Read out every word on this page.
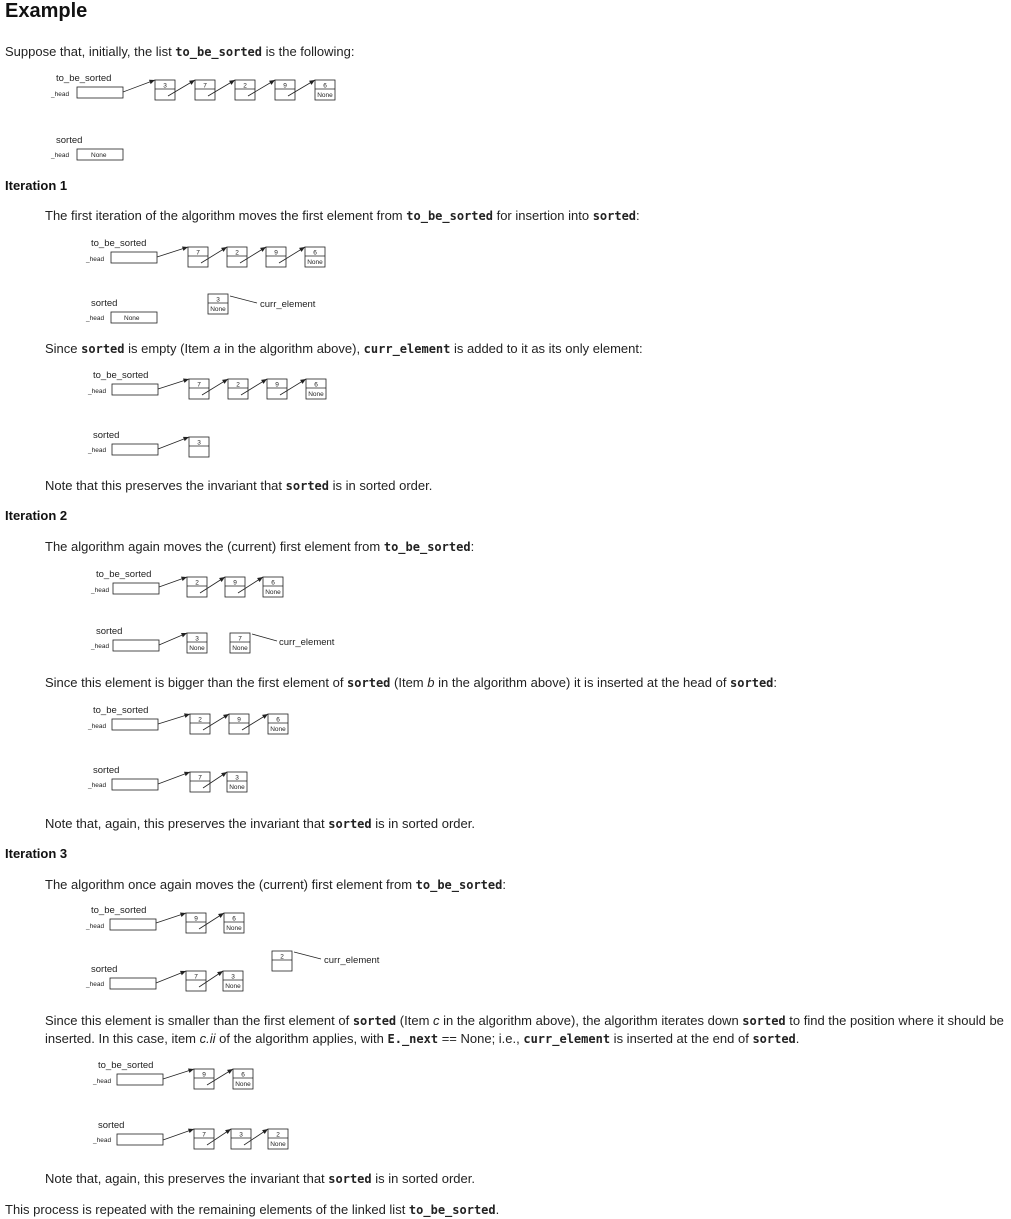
Example

Suppose that, initially, the list to_be_sorted is the following:

to_be_sorted
_head
sorted
_head	None
3	7	2	9	6
None

Iteration 1

The first iteration of the algorithm moves the first element from to_be_sorted for insertion into sorted:

to_be_sorted
_head
sorted
_head	None
7	2	9	6
None
3
None	curr_element

Since sorted is empty (Item a in the algorithm above), curr_element is added to it as its only element:

to_be_sorted
_head
sorted
_head
7	2	9	6
None
3

Note that this preserves the invariant that sorted is in sorted order.

Iteration 2

The algorithm again moves the (current) first element from to_be_sorted:

to_be_sorted
_head
sorted
_head
2	9	6
None
3
None
7
None
curr_element

Since this element is bigger than the first element of sorted (Item b in the algorithm above) it is inserted at the head of sorted:

to_be_sorted
_head
sorted
_head
2	9	6
None
7	3
None

Note that, again, this preserves the invariant that sorted is in sorted order.

Iteration 3

The algorithm once again moves the (current) first element from to_be_sorted:

to_be_sorted
_head
sorted
_head
9	6
None
7	3
None
2	curr_element

Since this element is smaller than the first element of sorted (Item c in the algorithm above), the algorithm iterates down sorted to find the position where it should be inserted. In this case, item c.ii of the algorithm applies, with E._next == None; i.e., curr_element is inserted at the end of sorted.

to_be_sorted
_head
sorted
_head
9	6
None
7	3	2
None

Note that, again, this preserves the invariant that sorted is in sorted order.

This process is repeated with the remaining elements of the linked list to_be_sorted.
